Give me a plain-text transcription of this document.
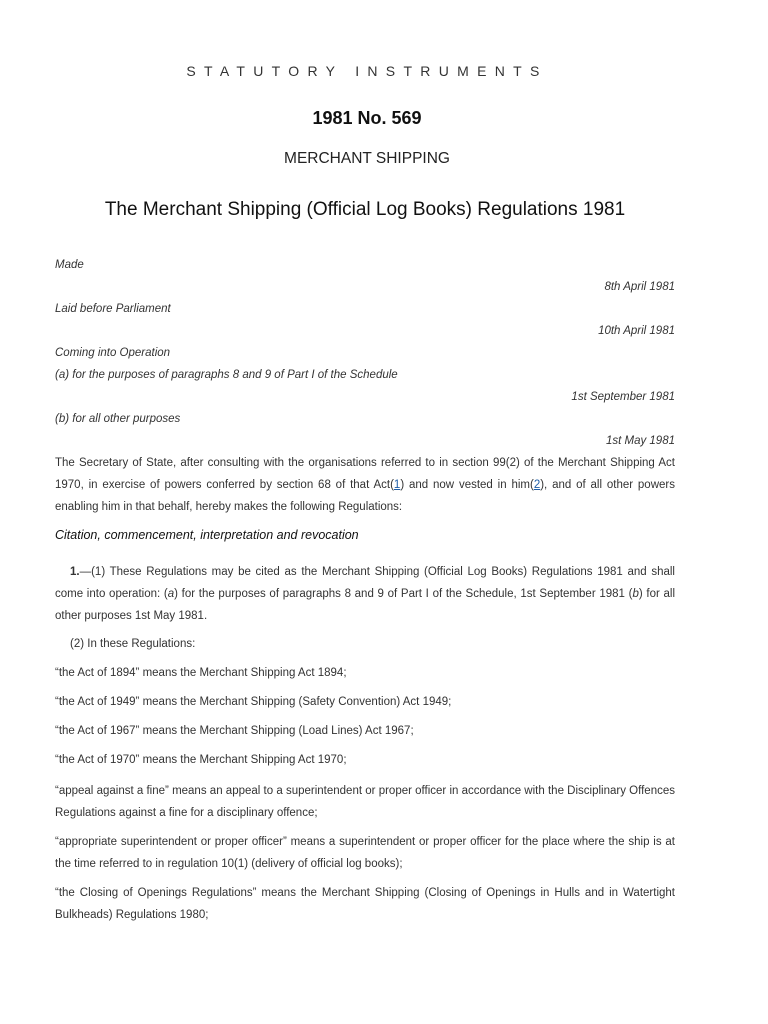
STATUTORY INSTRUMENTS
1981 No. 569
MERCHANT SHIPPING
The Merchant Shipping (Official Log Books) Regulations 1981
Made
8th April 1981
Laid before Parliament
10th April 1981
Coming into Operation
(a) for the purposes of paragraphs 8 and 9 of Part I of the Schedule
1st September 1981
(b) for all other purposes
1st May 1981

The Secretary of State, after consulting with the organisations referred to in section 99(2) of the Merchant Shipping Act

1970, in exercise of powers conferred by section 68 of that Act(1) and now vested in him(2), and of all other powers

enabling him in that behalf, hereby makes the following Regulations:

Citation, commencement, interpretation and revocation

1.—(1) These Regulations may be cited as the Merchant Shipping (Official Log Books) Regulations 1981 and shall come into operation: (a) for the purposes of paragraphs 8 and 9 of Part I of the Schedule, 1st September 1981 (b) for all other purposes 1st May 1981.

(2) In these Regulations:
“the Act of 1894” means the Merchant Shipping Act 1894;
“the Act of 1949” means the Merchant Shipping (Safety Convention) Act 1949;
“the Act of 1967” means the Merchant Shipping (Load Lines) Act 1967;
“the Act of 1970” means the Merchant Shipping Act 1970;

“appeal against a fine” means an appeal to a superintendent or proper officer in accordance with the Disciplinary Offences Regulations against a fine for a disciplinary offence;

“appropriate superintendent or proper officer” means a superintendent or proper officer for the place where the ship is at the time referred to in regulation 10(1) (delivery of official log books);

“the Closing of Openings Regulations” means the Merchant Shipping (Closing of Openings in Hulls and in Watertight Bulkheads) Regulations 1980;
